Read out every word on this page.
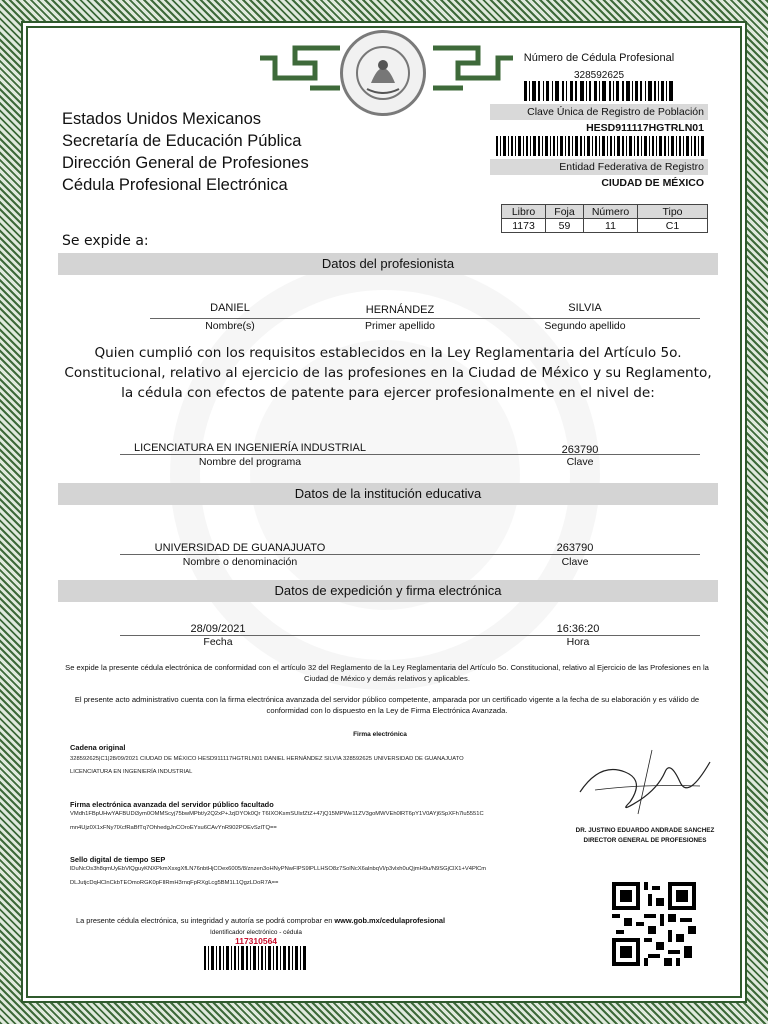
Estados Unidos Mexicanos
Secretaría de Educación Pública
Dirección General de Profesiones
Cédula Profesional Electrónica
Número de Cédula Profesional
328592625
Clave Única de Registro de Población
HESD911117HGTRLN01
Entidad Federativa de Registro
CIUDAD DE MÉXICO
Libro	Foja	Número	Tipo
1173	59	11	C1
Se expide a:
Datos del profesionista
DANIEL
Nombre(s)
HERNÁNDEZ
Primer apellido
SILVIA
Segundo apellido
Quien cumplió con los requisitos establecidos en la Ley Reglamentaria del Artículo 5o. Constitucional, relativo al ejercicio de las profesiones en la Ciudad de México y su Reglamento, la cédula con efectos de patente para ejercer profesionalmente en el nivel de:
LICENCIATURA EN INGENIERÍA INDUSTRIAL
Nombre del programa
263790
Clave
Datos de la institución educativa
UNIVERSIDAD DE GUANAJUATO
Nombre o denominación
263790
Clave
Datos de expedición y firma electrónica
28/09/2021
Fecha
16:36:20
Hora
Se expide la presente cédula electrónica de conformidad con el artículo 32 del Reglamento de la Ley Reglamentaria del Artículo 5o. Constitucional, relativo al Ejercicio de las Profesiones en la Ciudad de México y demás relativos y aplicables.
El presente acto administrativo cuenta con la firma electrónica avanzada del servidor público competente, amparada por un certificado vigente a la fecha de su elaboración y es válido de conformidad con lo dispuesto en la Ley de Firma Electrónica Avanzada.
Firma electrónica
Cadena original
328592625|C1|28/09/2021 CIUDAD DE MÉXICO HESD911117HGTRLN01 DANIEL HERNÁNDEZ SILVIA 328592625 UNIVERSIDAD DE GUANAJUATO
LICENCIATURA EN INGENIERÍA INDUSTRIAL
Firma electrónica avanzada del servidor público facultado
VMdh1FBpUHwYAFBUDi3ym0OMMScyj75bwMPbt/y2Q2xP+JzjDYOk0Qr T6IXOKsmSUlsfZtZ+47jQ15MPWe11ZV3goMWVEh0lRT6pY1V0AYj6SpXFh7lu5551C
mn4Ujz0X1xFNy7lXcfRaBfTq7OhhedgJnCOroEYsu6CAvYnR902POEvSzlTQ==
Sello digital de tiempo SEP
lDuNcOs3h8qmUyEbVlQguyKNXPkmXsxgXfLN76nbtHjCOex6005/8/znzen3oHNyPNwFlPS9lPLLHSO8z7SolNcX6alnbqVl/p3vlxh0uQjmH9u/N9SGjClX1+V4PlCm
DLJutjcDqHClnCkbTEOmoRGK0pFIlRmH3rnqFpRXgLcg5BM1L1QgzLDoR7A==
DR. JUSTINO EDUARDO ANDRADE SANCHEZ
DIRECTOR GENERAL DE PROFESIONES
La presente cédula electrónica, su integridad y autoría se podrá comprobar en www.gob.mx/cedulaprofesional
Identificador electrónico - cédula
117310564
